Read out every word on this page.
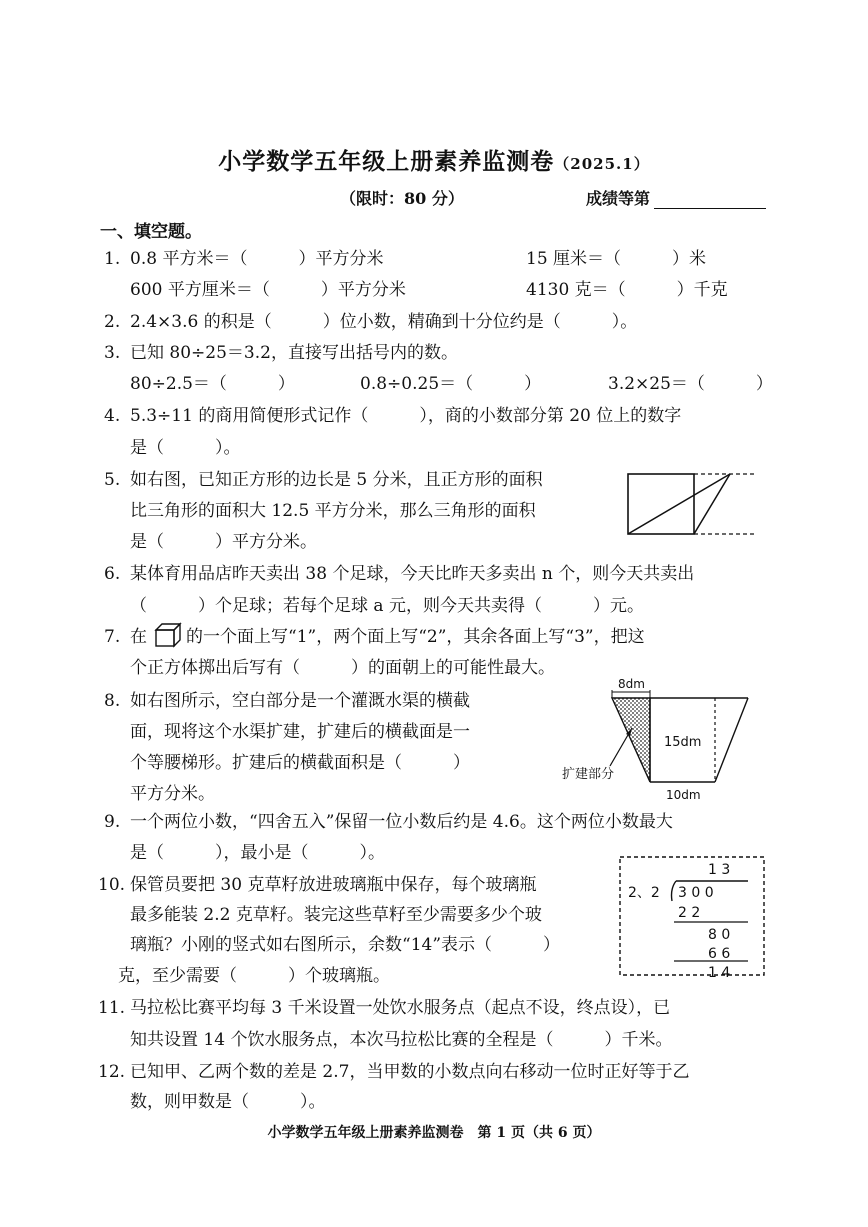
小学数学五年级上册素养监测卷（2025.1）
（限时：80 分）	成绩等第
一、填空题。
1. 0.8 平方米＝（　　　）平方分米	15 厘米＝（　　　）米
600 平方厘米＝（　　　）平方分米	4130 克＝（　　　）千克
2. 2.4×3.6 的积是（　　　）位小数，精确到十分位约是（　　　）。
3. 已知 80÷25＝3.2，直接写出括号内的数。
80÷2.5＝（　　　）	0.8÷0.25＝（　　　）	3.2×25＝（　　　）
4. 5.3÷11 的商用简便形式记作（　　　），商的小数部分第 20 位上的数字
是（　　　）。
5. 如右图，已知正方形的边长是 5 分米，且正方形的面积
比三角形的面积大 12.5 平方分米，那么三角形的面积
是（　　　）平方分米。
6. 某体育用品店昨天卖出 38 个足球，今天比昨天多卖出 n 个，则今天共卖出
（　　　）个足球；若每个足球 a 元，则今天共卖得（　　　）元。
7. 在 的一个面上写“1”，两个面上写“2”，其余各面上写“3”，把这
个正方体掷出后写有（　　　）的面朝上的可能性最大。
8. 如右图所示，空白部分是一个灌溉水渠的横截
面，现将这个水渠扩建，扩建后的横截面是一
个等腰梯形。扩建后的横截面积是（　　　）
平方分米。
8dm
15dm
10dm
扩建部分
9. 一个两位小数，“四舍五入”保留一位小数后约是 4.6。这个两位小数最大
是（　　　），最小是（　　　）。
10. 保管员要把 30 克草籽放进玻璃瓶中保存，每个玻璃瓶
最多能装 2.2 克草籽。装完这些草籽至少需要多少个玻
璃瓶？小刚的竖式如右图所示，余数“14”表示（　　　）
克，至少需要（　　　）个玻璃瓶。
1 3
2、2 3 0 0
2 2
8 0
6 6
1 4
11. 马拉松比赛平均每 3 千米设置一处饮水服务点（起点不设，终点设），已
知共设置 14 个饮水服务点，本次马拉松比赛的全程是（　　　）千米。
12. 已知甲、乙两个数的差是 2.7，当甲数的小数点向右移动一位时正好等于乙
数，则甲数是（　　　）。
小学数学五年级上册素养监测卷　第 1 页（共 6 页）
